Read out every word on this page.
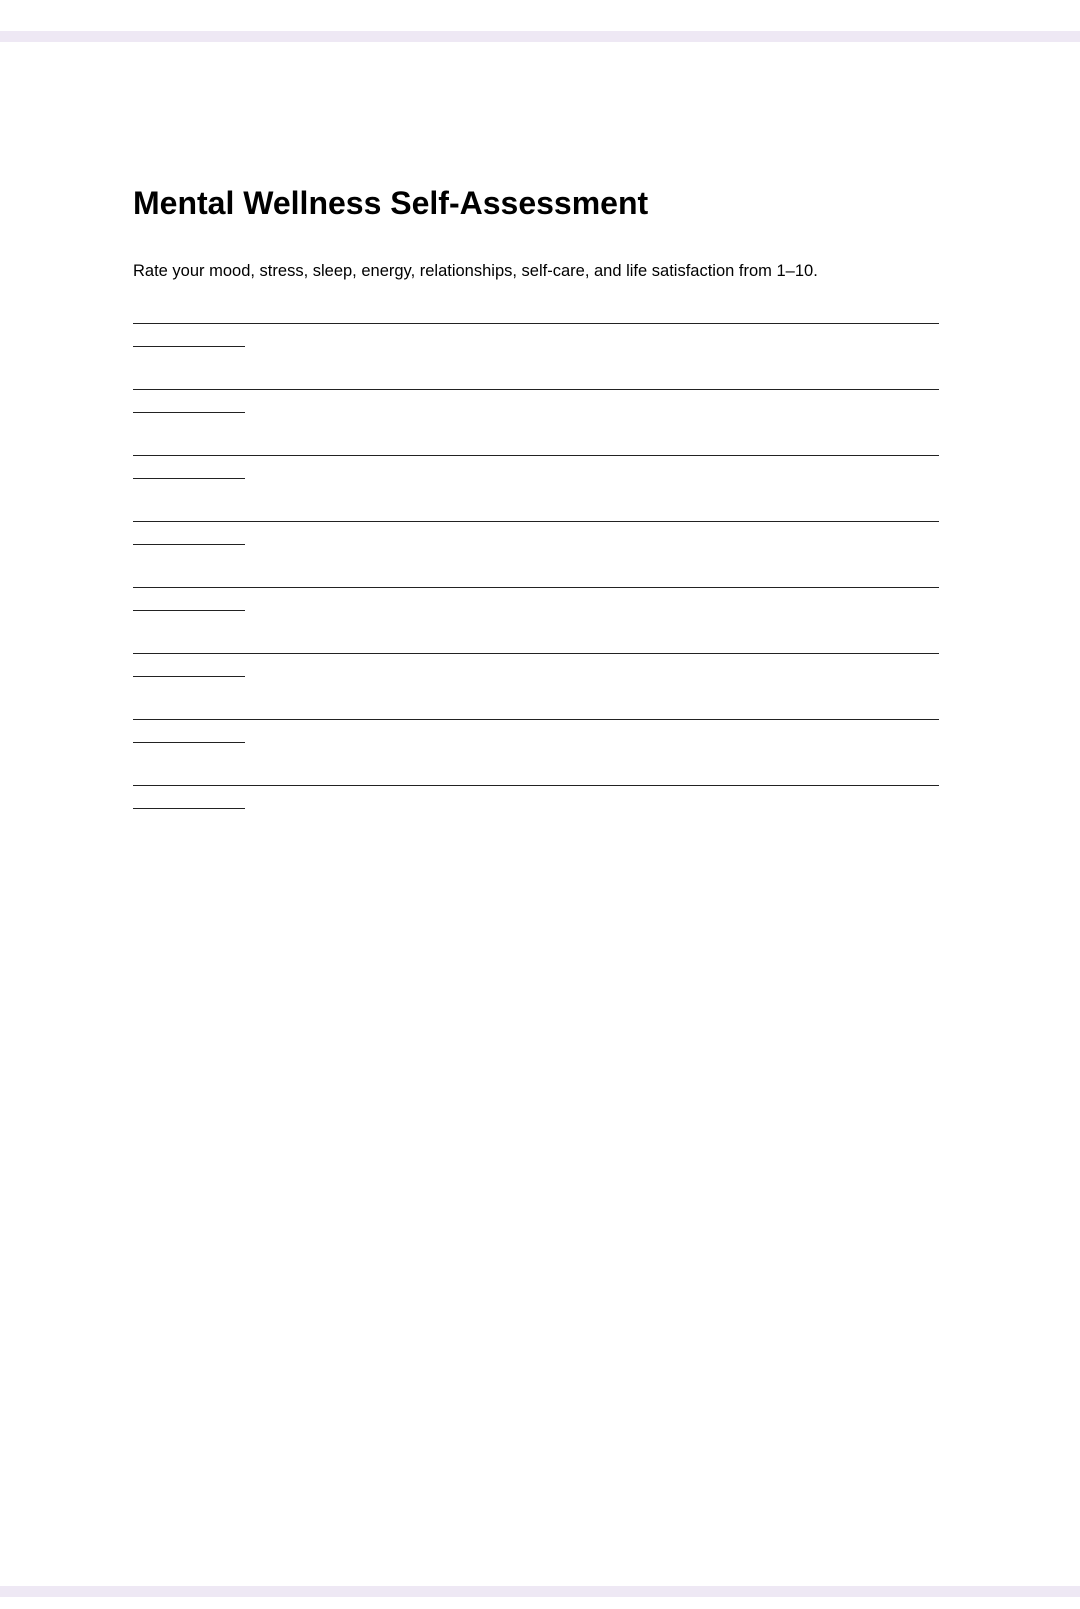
Mental Wellness Self-Assessment

Rate your mood, stress, sleep, energy, relationships, self-care, and life satisfaction from 1–10.
